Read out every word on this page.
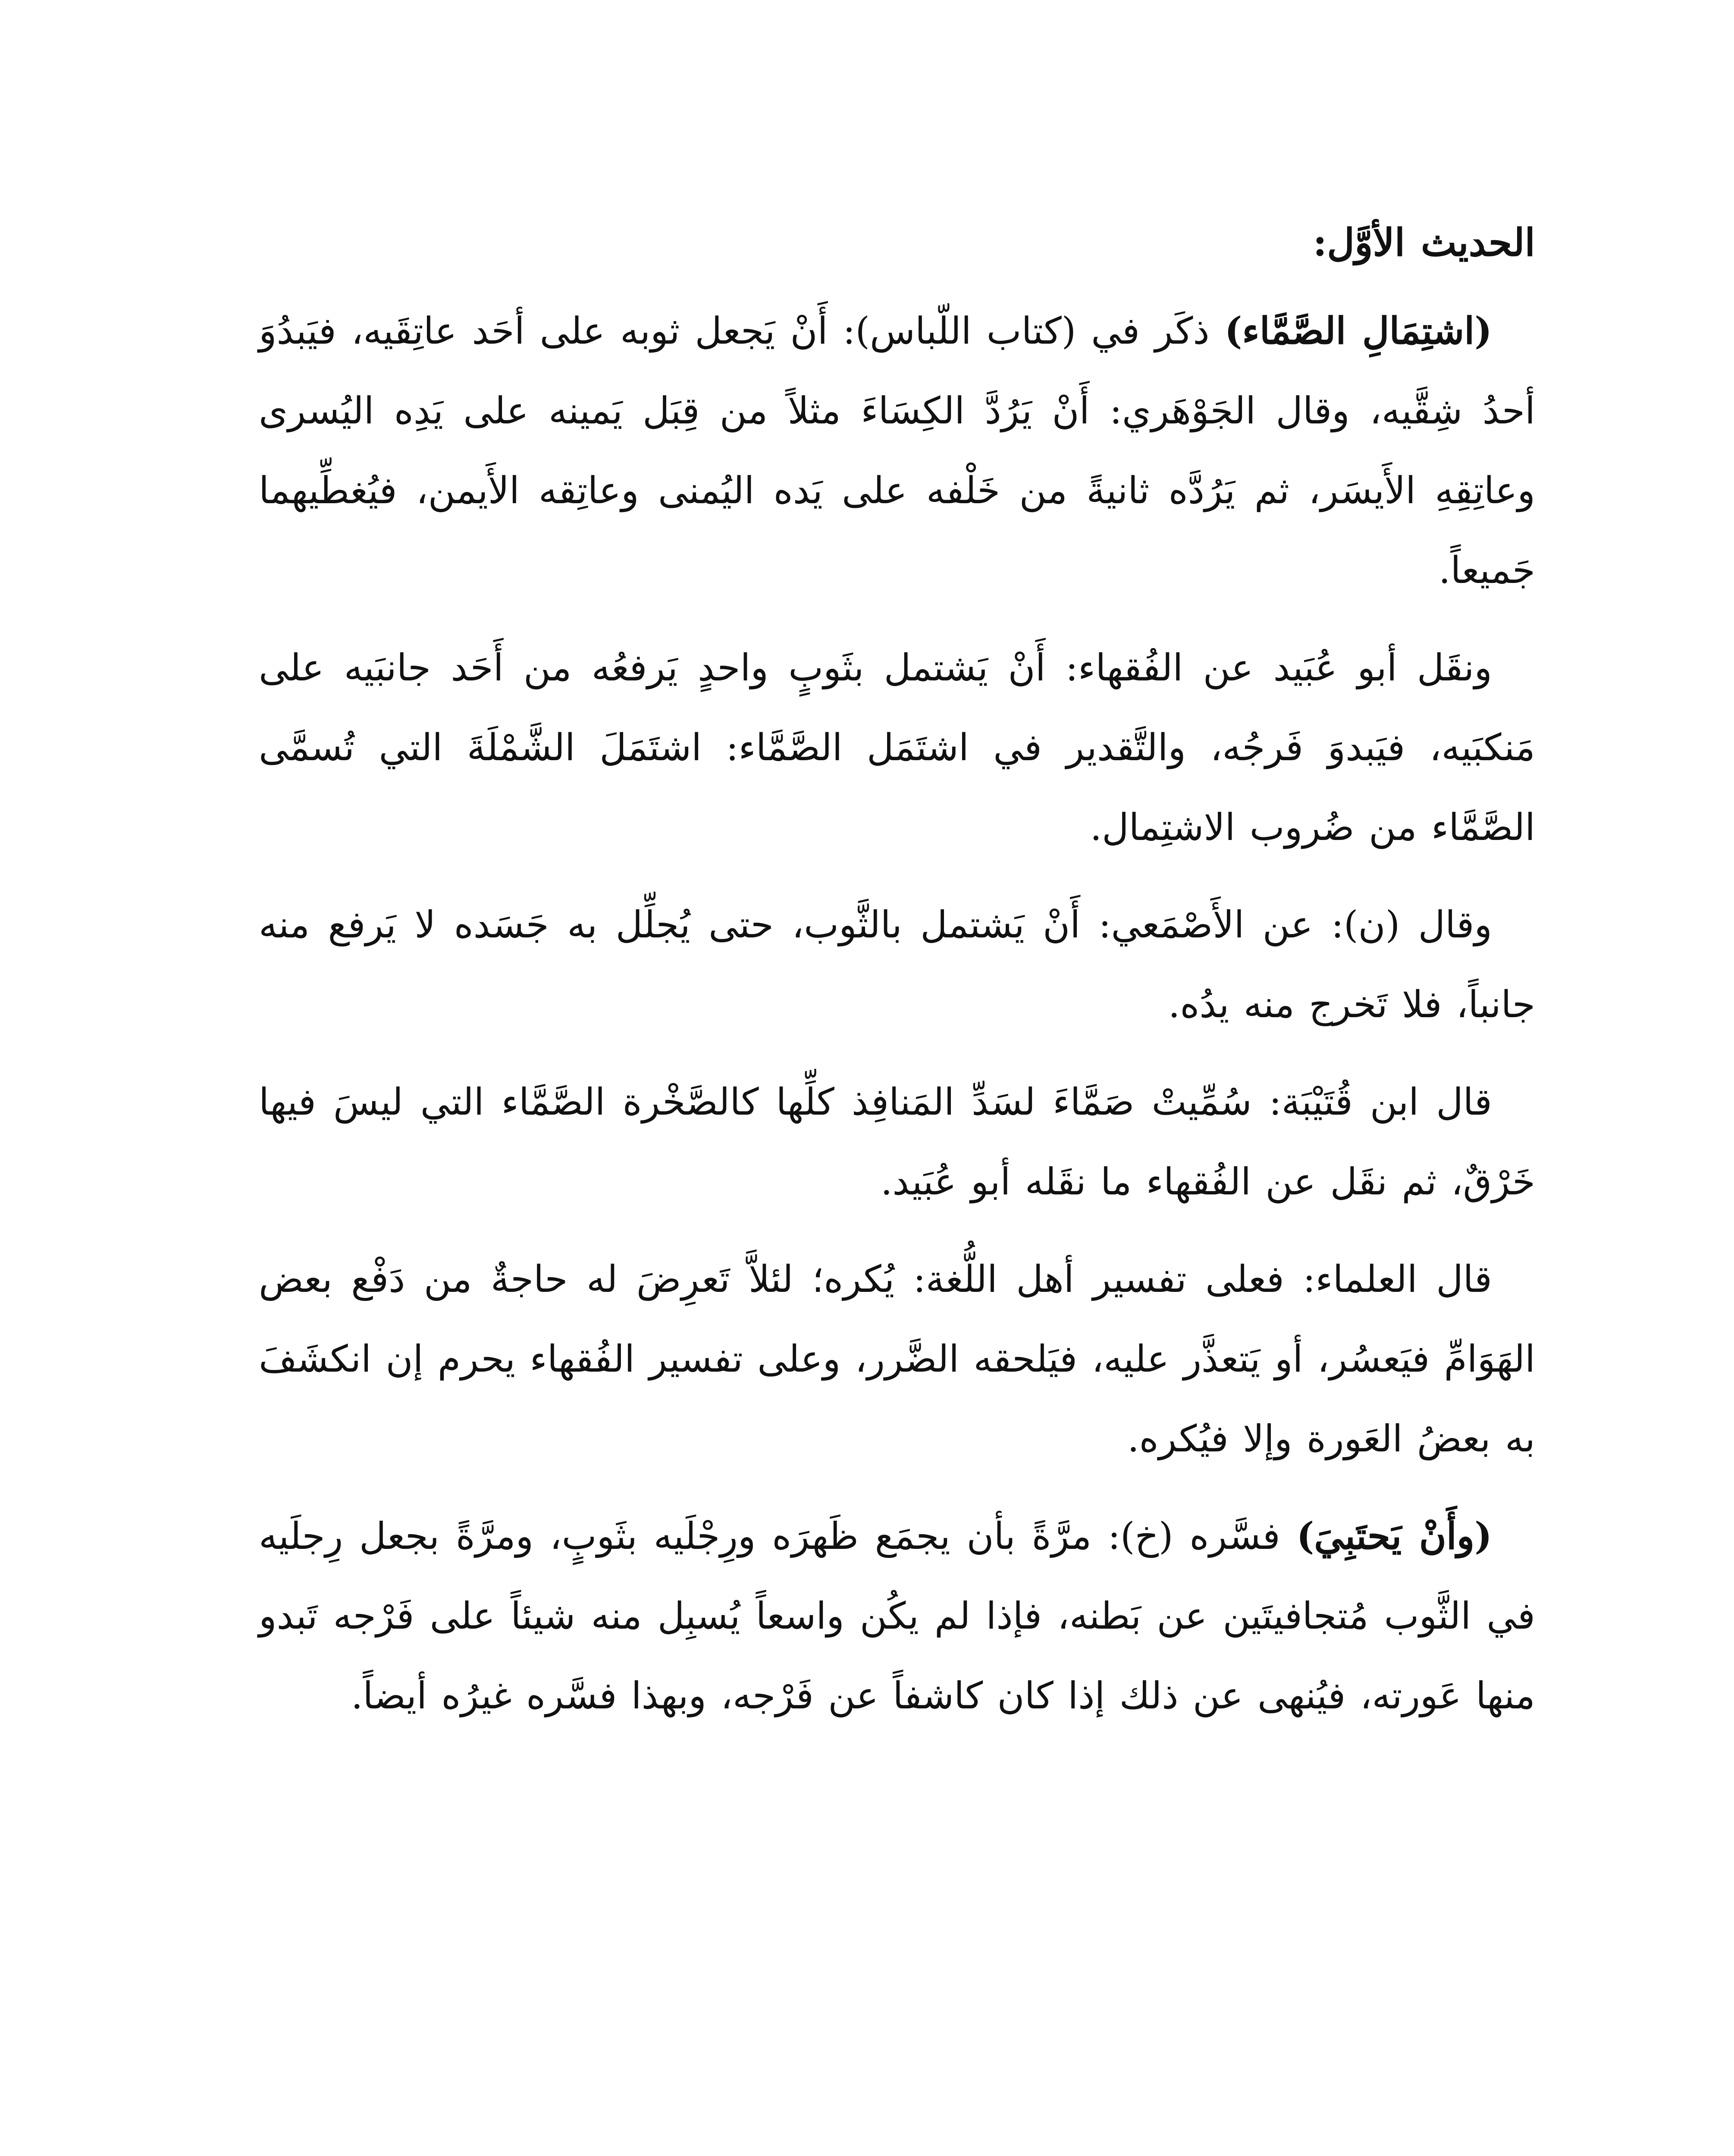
الحديث الأوَّل:

(اشتِمَالِ الصَّمَّاء) ذكَر في (كتاب اللّباس): أَنْ يَجعل ثوبه على أحَد عاتِقَيه، فيَبدُوَ أحدُ شِقَّيه، وقال الجَوْهَري: أَنْ يَرُدَّ الكِسَاءَ مثلاً من قِبَل يَمينه على يَدِه اليُسرى وعاتِقِهِ الأَيسَر، ثم يَرُدَّه ثانيةً من خَلْفه على يَده اليُمنى وعاتِقه الأَيمن، فيُغطِّيهما جَميعاً.

ونقَل أبو عُبَيد عن الفُقهاء: أَنْ يَشتمل بثَوبٍ واحدٍ يَرفعُه من أَحَد جانبَيه على مَنكبَيه، فيَبدوَ فَرجُه، والتَّقدير في اشتَمَل الصَّمَّاء: اشتَمَلَ الشَّمْلَةَ التي تُسمَّى الصَّمَّاء من ضُروب الاشتِمال.

وقال (ن): عن الأَصْمَعي: أَنْ يَشتمل بالثَّوب، حتى يُجلِّل به جَسَده لا يَرفع منه جانباً، فلا تَخرج منه يدُه.

قال ابن قُتَيْبَة: سُمِّيتْ صَمَّاءَ لسَدِّ المَنافِذ كلِّها كالصَّخْرة الصَّمَّاء التي ليسَ فيها خَرْقٌ، ثم نقَل عن الفُقهاء ما نقَله أبو عُبَيد.

قال العلماء: فعلى تفسير أهل اللُّغة: يُكره؛ لئلاَّ تَعرِضَ له حاجةٌ من دَفْع بعض الهَوَامِّ فيَعسُر، أو يَتعذَّر عليه، فيَلحقه الضَّرر، وعلى تفسير الفُقهاء يحرم إن انكشَفَ به بعضُ العَورة وإلا فيُكره.

(وأَنْ يَحتَبِيَ) فسَّره (خ): مرَّةً بأن يجمَع ظَهرَه ورِجْلَيه بثَوبٍ، ومرَّةً بجعل رِجلَيه في الثَّوب مُتجافيتَين عن بَطنه، فإذا لم يكُن واسعاً يُسبِل منه شيئاً على فَرْجه تَبدو منها عَورته، فيُنهى عن ذلك إذا كان كاشفاً عن فَرْجه، وبهذا فسَّره غيرُه أيضاً.
